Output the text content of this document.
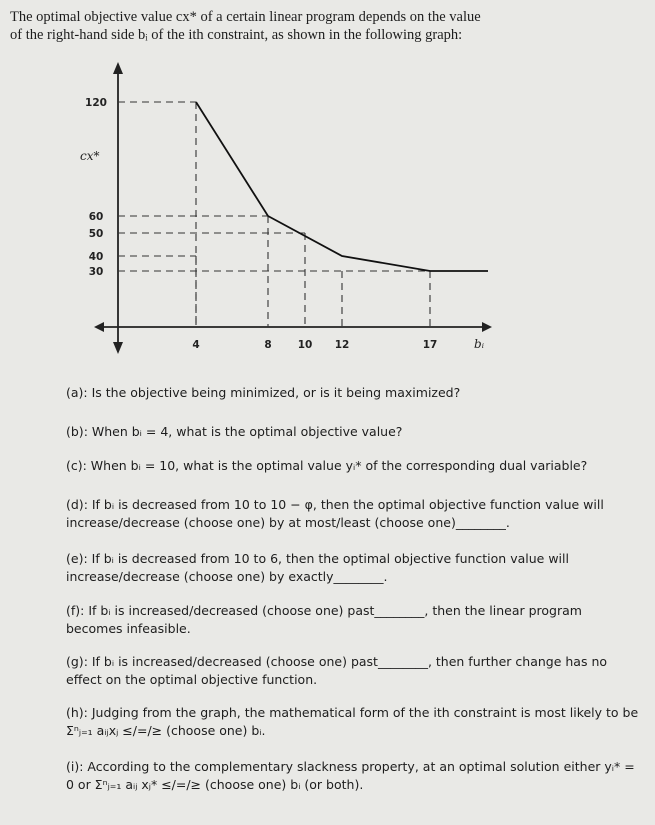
The optimal objective value cx* of a certain linear program depends on the value
of the right-hand side bᵢ of the ith constraint, as shown in the following graph:
120
60
50
40
30
4	8 10 12	17
cx*
bᵢ
(a): Is the objective being minimized, or is it being maximized?
(b): When bᵢ = 4, what is the optimal objective value?
(c): When bᵢ = 10, what is the optimal value yᵢ* of the corresponding dual variable?
(d): If bᵢ is decreased from 10 to 10 − φ, then the optimal objective function value will
increase/decrease (choose one) by at most/least (choose one)________.
(e): If bᵢ is decreased from 10 to 6, then the optimal objective function value will
increase/decrease (choose one) by exactly________.
(f): If bᵢ is increased/decreased (choose one) past________, then the linear program
becomes infeasible.
(g): If bᵢ is increased/decreased (choose one) past________, then further change has no
effect on the optimal objective function.
(h): Judging from the graph, the mathematical form of the ith constraint is most likely to be
Σⁿⱼ₌₁ aᵢⱼxⱼ ≤/=/≥ (choose one) bᵢ.
(i): According to the complementary slackness property, at an optimal solution either yᵢ* =
0 or Σⁿⱼ₌₁ aᵢⱼ xⱼ* ≤/=/≥ (choose one) bᵢ (or both).
